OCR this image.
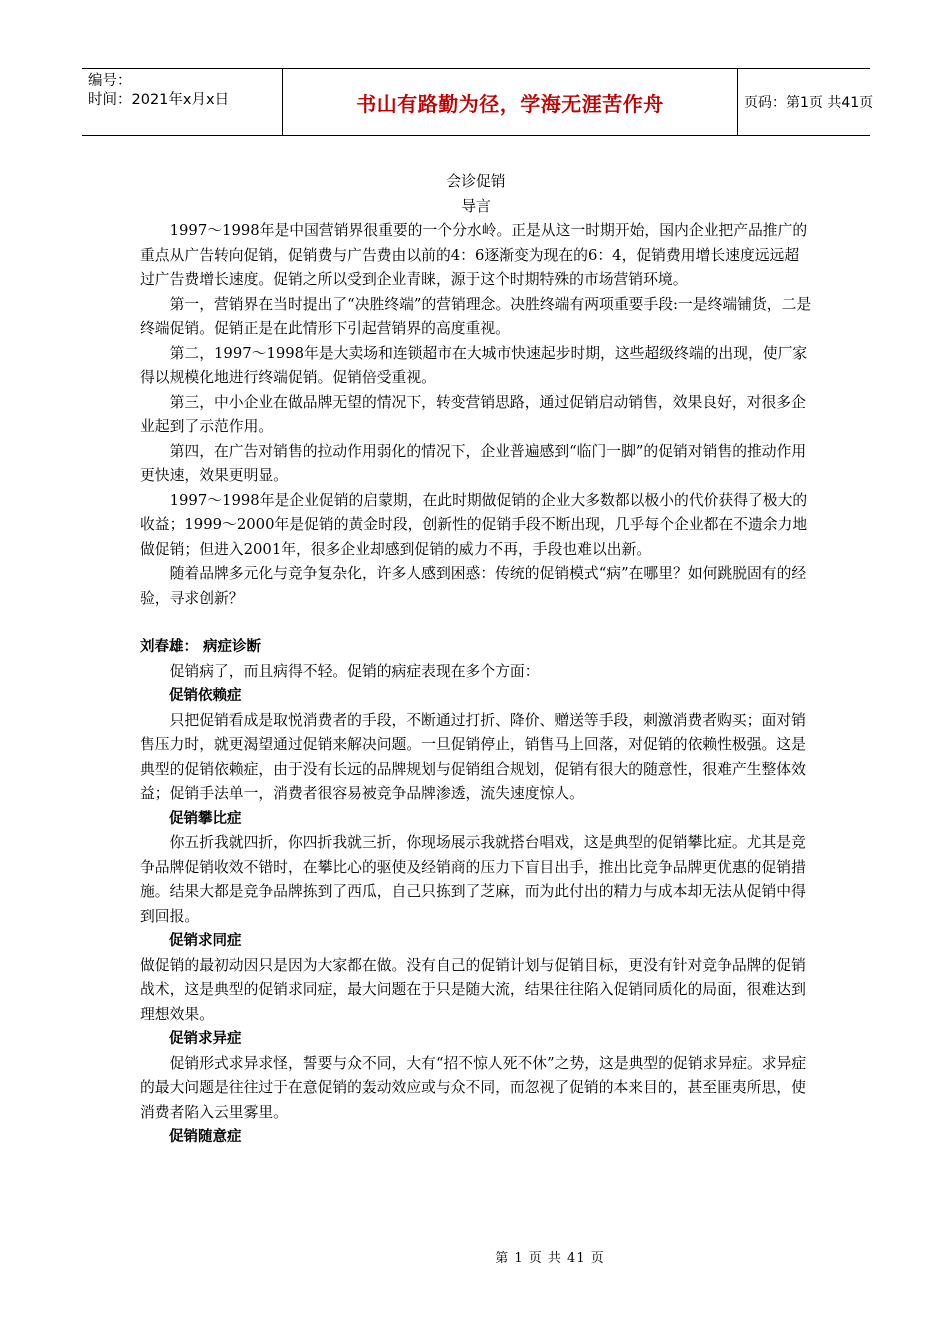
编号：
时间：2021年x月x日	书山有路勤为径，学海无涯苦作舟	页码：第1页 共41页

会诊促销

导言

1997～1998年是中国营销界很重要的一个分水岭。正是从这一时期开始，国内企业把产品推广的重点从广告转向促销，促销费与广告费由以前的4：6逐渐变为现在的6：4，促销费用增长速度远远超过广告费增长速度。促销之所以受到企业青睐，源于这个时期特殊的市场营销环境。

第一，营销界在当时提出了“决胜终端”的营销理念。决胜终端有两项重要手段:一是终端铺货，二是终端促销。促销正是在此情形下引起营销界的高度重视。

第二，1997～1998年是大卖场和连锁超市在大城市快速起步时期，这些超级终端的出现，使厂家得以规模化地进行终端促销。促销倍受重视。

第三，中小企业在做品牌无望的情况下，转变营销思路，通过促销启动销售，效果良好，对很多企业起到了示范作用。

第四，在广告对销售的拉动作用弱化的情况下，企业普遍感到“临门一脚”的促销对销售的推动作用更快速，效果更明显。

1997～1998年是企业促销的启蒙期，在此时期做促销的企业大多数都以极小的代价获得了极大的收益；1999～2000年是促销的黄金时段，创新性的促销手段不断出现，几乎每个企业都在不遗余力地做促销；但进入2001年，很多企业却感到促销的威力不再，手段也难以出新。

随着品牌多元化与竞争复杂化，许多人感到困惑：传统的促销模式“病”在哪里？如何跳脱固有的经验，寻求创新？

刘春雄： 病症诊断

促销病了，而且病得不轻。促销的病症表现在多个方面：

促销依赖症

只把促销看成是取悦消费者的手段，不断通过打折、降价、赠送等手段，刺激消费者购买；面对销售压力时，就更渴望通过促销来解决问题。一旦促销停止，销售马上回落，对促销的依赖性极强。这是典型的促销依赖症，由于没有长远的品牌规划与促销组合规划，促销有很大的随意性，很难产生整体效益；促销手法单一，消费者很容易被竞争品牌渗透，流失速度惊人。

促销攀比症

你五折我就四折，你四折我就三折，你现场展示我就搭台唱戏，这是典型的促销攀比症。尤其是竞争品牌促销收效不错时，在攀比心的驱使及经销商的压力下盲目出手，推出比竞争品牌更优惠的促销措施。结果大都是竞争品牌拣到了西瓜，自己只拣到了芝麻，而为此付出的精力与成本却无法从促销中得到回报。

促销求同症

做促销的最初动因只是因为大家都在做。没有自己的促销计划与促销目标，更没有针对竞争品牌的促销战术，这是典型的促销求同症，最大问题在于只是随大流，结果往往陷入促销同质化的局面，很难达到理想效果。

促销求异症

促销形式求异求怪，誓要与众不同，大有“招不惊人死不休”之势，这是典型的促销求异症。求异症的最大问题是往往过于在意促销的轰动效应或与众不同，而忽视了促销的本来目的，甚至匪夷所思，使消费者陷入云里雾里。

促销随意症

第 1 页 共 41 页
